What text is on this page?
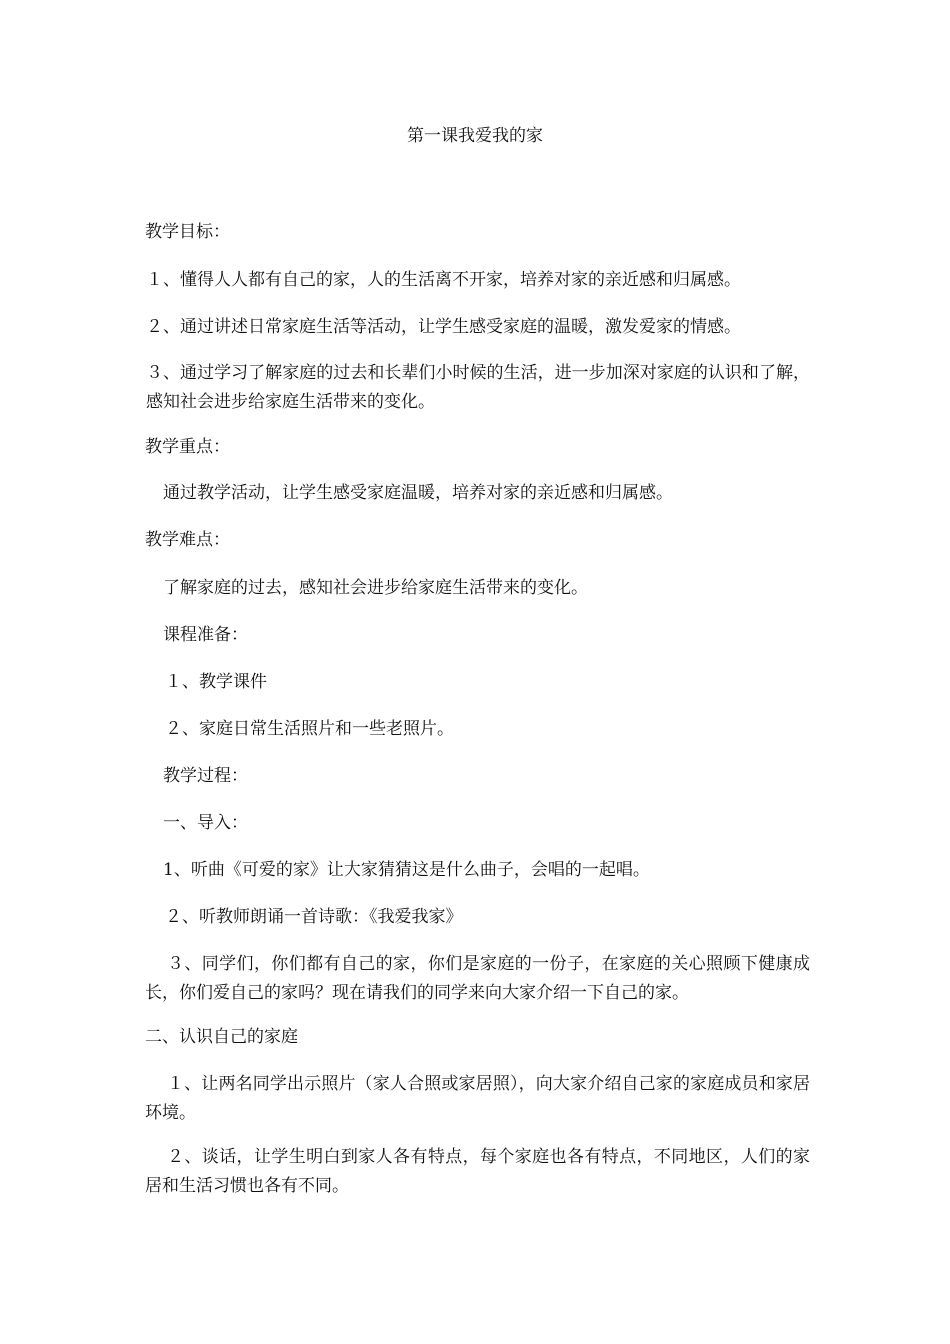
第一课我爱我的家
教学目标：
１、懂得人人都有自己的家，人的生活离不开家，培养对家的亲近感和归属感。
２、通过讲述日常家庭生活等活动，让学生感受家庭的温暖，激发爱家的情感。
３、通过学习了解家庭的过去和长辈们小时候的生活，进一步加深对家庭的认识和了解，感知社会进步给家庭生活带来的变化。
教学重点：
通过教学活动，让学生感受家庭温暖，培养对家的亲近感和归属感。
教学难点：
了解家庭的过去，感知社会进步给家庭生活带来的变化。
课程准备：
１、教学课件
２、家庭日常生活照片和一些老照片。
教学过程：
一、导入：
1、听曲《可爱的家》让大家猜猜这是什么曲子，会唱的一起唱。
２、听教师朗诵一首诗歌：《我爱我家》
３、同学们，你们都有自己的家，你们是家庭的一份子，在家庭的关心照顾下健康成长，你们爱自己的家吗？现在请我们的同学来向大家介绍一下自己的家。
二、认识自己的家庭
１、让两名同学出示照片（家人合照或家居照），向大家介绍自己家的家庭成员和家居环境。
２、谈话，让学生明白到家人各有特点，每个家庭也各有特点，不同地区，人们的家居和生活习惯也各有不同。
